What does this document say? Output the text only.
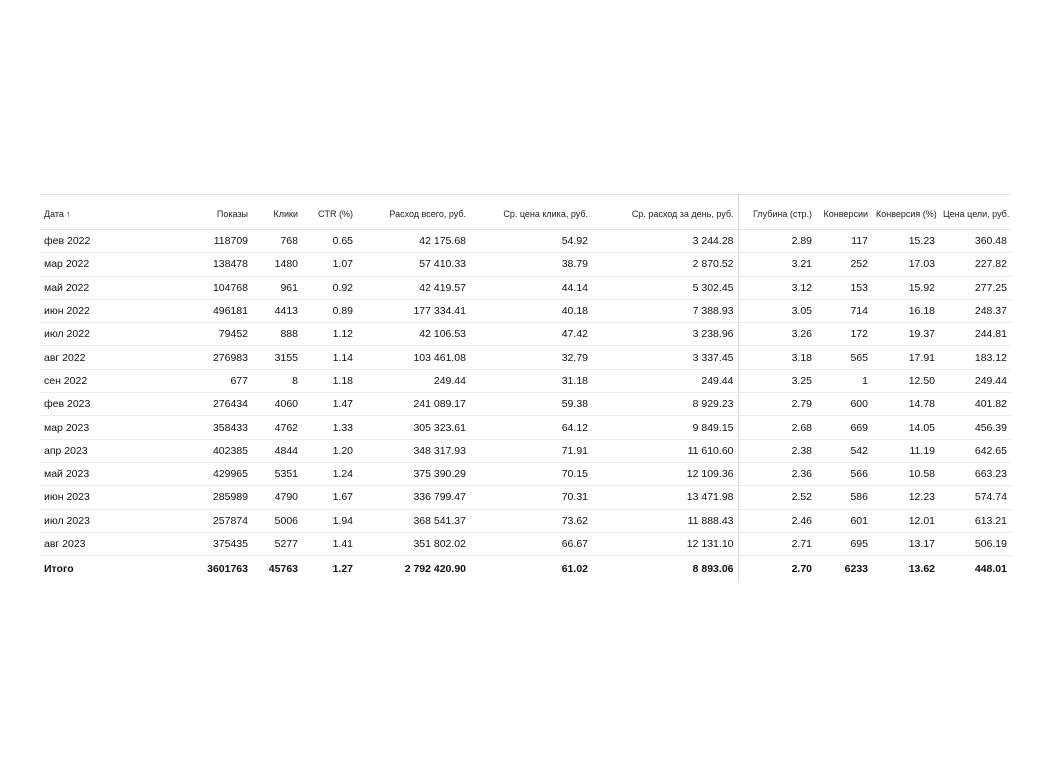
Дата ↑	Показы	Клики	CTR (%)	Расход всего, руб.	Ср. цена клика, руб.	Ср. расход за день, руб.	Глубина (стр.)	Конверсии	Конверсия (%)	Цена цели, руб.
фев 2022	118709	768	0.65	42 175.68	54.92	3 244.28	2.89	117	15.23	360.48
мар 2022	138478	1480	1.07	57 410.33	38.79	2 870.52	3.21	252	17.03	227.82
май 2022	104768	961	0.92	42 419.57	44.14	5 302.45	3.12	153	15.92	277.25
июн 2022	496181	4413	0.89	177 334.41	40.18	7 388.93	3.05	714	16.18	248.37
июл 2022	79452	888	1.12	42 106.53	47.42	3 238.96	3.26	172	19.37	244.81
авг 2022	276983	3155	1.14	103 461.08	32.79	3 337.45	3.18	565	17.91	183.12
сен 2022	677	8	1.18	249.44	31.18	249.44	3.25	1	12.50	249.44
фев 2023	276434	4060	1.47	241 089.17	59.38	8 929.23	2.79	600	14.78	401.82
мар 2023	358433	4762	1.33	305 323.61	64.12	9 849.15	2.68	669	14.05	456.39
апр 2023	402385	4844	1.20	348 317.93	71.91	11 610.60	2.38	542	11.19	642.65
май 2023	429965	5351	1.24	375 390.29	70.15	12 109.36	2.36	566	10.58	663.23
июн 2023	285989	4790	1.67	336 799.47	70.31	13 471.98	2.52	586	12.23	574.74
июл 2023	257874	5006	1.94	368 541.37	73.62	11 888.43	2.46	601	12.01	613.21
авг 2023	375435	5277	1.41	351 802.02	66.67	12 131.10	2.71	695	13.17	506.19
Итого	3601763	45763	1.27	2 792 420.90	61.02	8 893.06	2.70	6233	13.62	448.01
